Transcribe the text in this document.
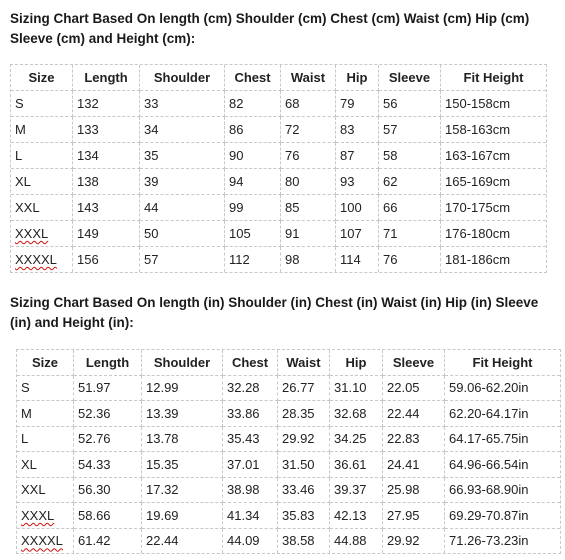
Sizing Chart Based On length (cm) Shoulder (cm) Chest (cm) Waist (cm) Hip (cm) Sleeve (cm) and Height (cm):

Size	Length	Shoulder	Chest	Waist	Hip	Sleeve	Fit Height
S	132	33	82	68	79	56	150-158cm
M	133	34	86	72	83	57	158-163cm
L	134	35	90	76	87	58	163-167cm
XL	138	39	94	80	93	62	165-169cm
XXL	143	44	99	85	100	66	170-175cm
XXXL	149	50	105	91	107	71	176-180cm
XXXXL	156	57	112	98	114	76	181-186cm

Sizing Chart Based On length (in) Shoulder (in) Chest (in) Waist (in) Hip (in) Sleeve (in) and Height (in):

Size	Length	Shoulder	Chest	Waist	Hip	Sleeve	Fit Height
S	51.97	12.99	32.28	26.77	31.10	22.05	59.06-62.20in
M	52.36	13.39	33.86	28.35	32.68	22.44	62.20-64.17in
L	52.76	13.78	35.43	29.92	34.25	22.83	64.17-65.75in
XL	54.33	15.35	37.01	31.50	36.61	24.41	64.96-66.54in
XXL	56.30	17.32	38.98	33.46	39.37	25.98	66.93-68.90in
XXXL	58.66	19.69	41.34	35.83	42.13	27.95	69.29-70.87in
XXXXL	61.42	22.44	44.09	38.58	44.88	29.92	71.26-73.23in
